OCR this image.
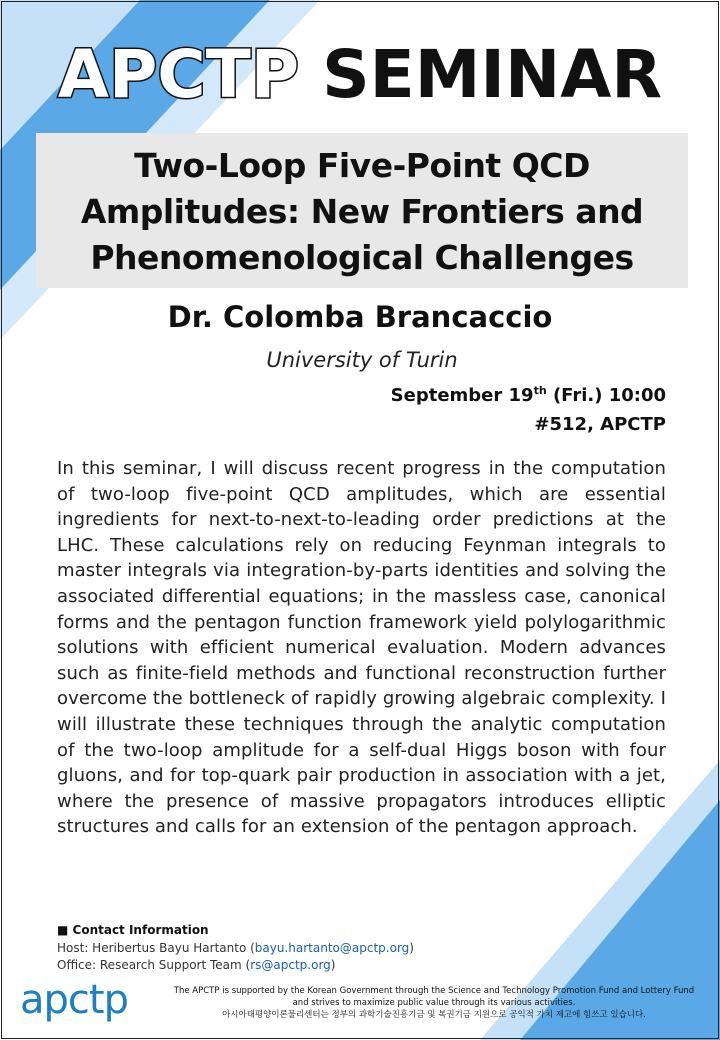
APCTP SEMINAR
Two-Loop Five-Point QCD
Amplitudes: New Frontiers and
Phenomenological Challenges
Dr. Colomba Brancaccio
University of Turin
September 19th (Fri.) 10:00
#512, APCTP
In this seminar, I will discuss recent progress in the computation of two-loop five-point QCD amplitudes, which are essential ingredients for next-to-next-to-leading order predictions at the LHC. These calculations rely on reducing Feynman integrals to master integrals via integration-by-parts identities and solving the associated differential equations; in the massless case, canonical forms and the pentagon function framework yield polylogarithmic solutions with efficient numerical evaluation. Modern advances such as finite-field methods and functional reconstruction further overcome the bottleneck of rapidly growing algebraic complexity. I will illustrate these techniques through the analytic computation of the two-loop amplitude for a self-dual Higgs boson with four gluons, and for top-quark pair production in association with a jet, where the presence of massive propagators introduces elliptic structures and calls for an extension of the pentagon approach.
■ Contact Information
Host: Heribertus Bayu Hartanto (bayu.hartanto@apctp.org)
Office: Research Support Team (rs@apctp.org)
apctp	The APCTP is supported by the Korean Government through the Science and Technology Promotion Fund and Lottery Fund
and strives to maximize public value through its various activities.
아시아태평양이론물리센터는 정부의 과학기술진흥기금 및 복권기금 지원으로 공익적 가치 제고에 힘쓰고 있습니다.
